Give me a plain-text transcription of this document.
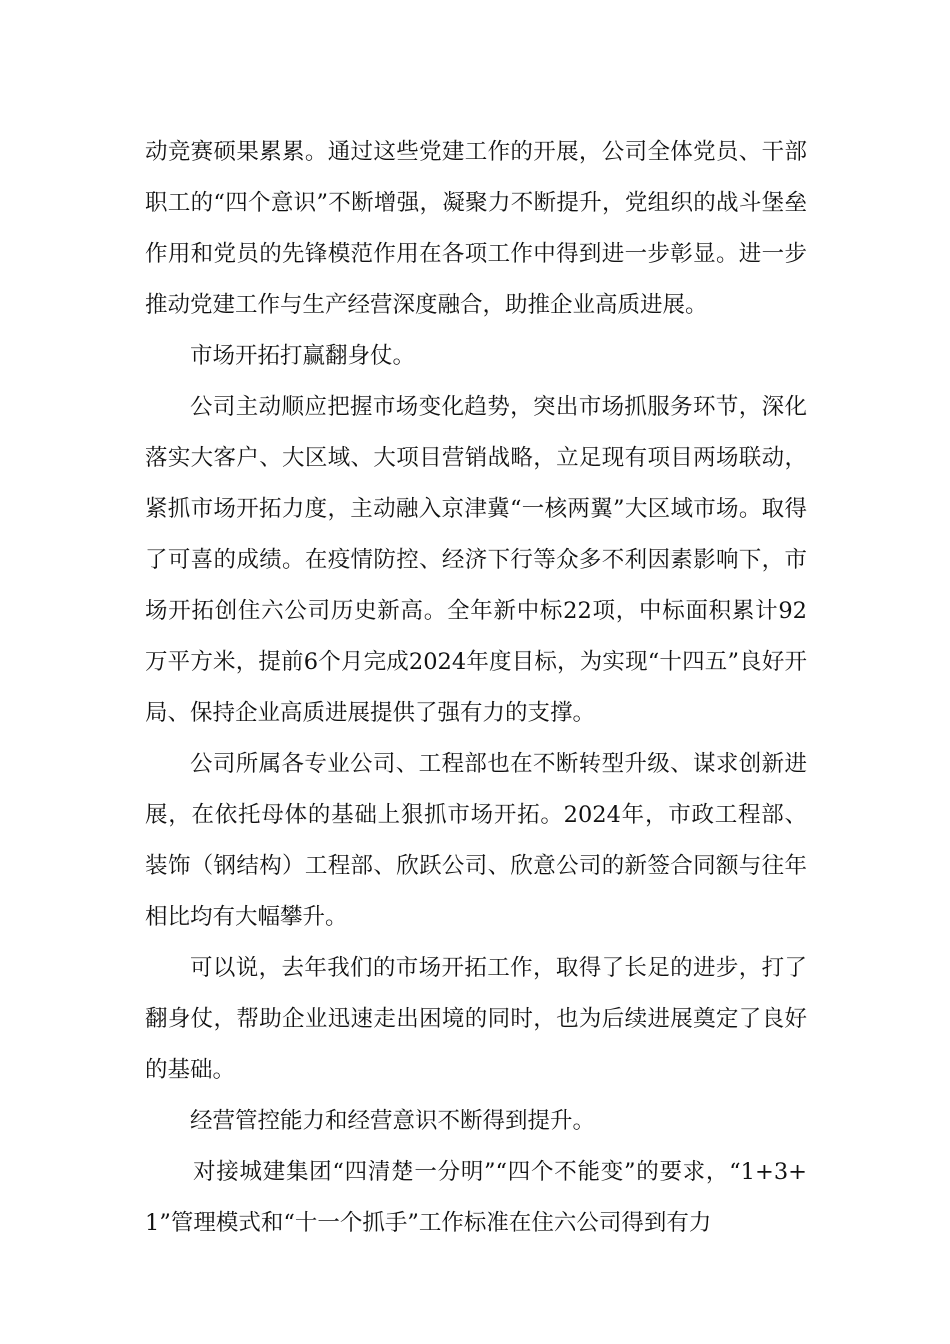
动竞赛硕果累累。通过这些党建工作的开展，公司全体党员、干部职工的“四个意识”不断增强，凝聚力不断提升，党组织的战斗堡垒作用和党员的先锋模范作用在各项工作中得到进一步彰显。进一步推动党建工作与生产经营深度融合，助推企业高质进展。

市场开拓打赢翻身仗。

公司主动顺应把握市场变化趋势，突出市场抓服务环节，深化落实大客户、大区域、大项目营销战略，立足现有项目两场联动，紧抓市场开拓力度，主动融入京津冀“一核两翼”大区域市场。取得了可喜的成绩。在疫情防控、经济下行等众多不利因素影响下，市场开拓创住六公司历史新高。全年新中标22项，中标面积累计92万平方米，提前6个月完成2024年度目标，为实现“十四五”良好开局、保持企业高质进展提供了强有力的支撑。

公司所属各专业公司、工程部也在不断转型升级、谋求创新进展，在依托母体的基础上狠抓市场开拓。2024年，市政工程部、装饰（钢结构）工程部、欣跃公司、欣意公司的新签合同额与往年相比均有大幅攀升。

可以说，去年我们的市场开拓工作，取得了长足的进步，打了翻身仗，帮助企业迅速走出困境的同时，也为后续进展奠定了良好的基础。

经营管控能力和经营意识不断得到提升。

对接城建集团“四清楚一分明”“四个不能变”的要求，“1+3+1”管理模式和“十一个抓手”工作标准在住六公司得到有力
